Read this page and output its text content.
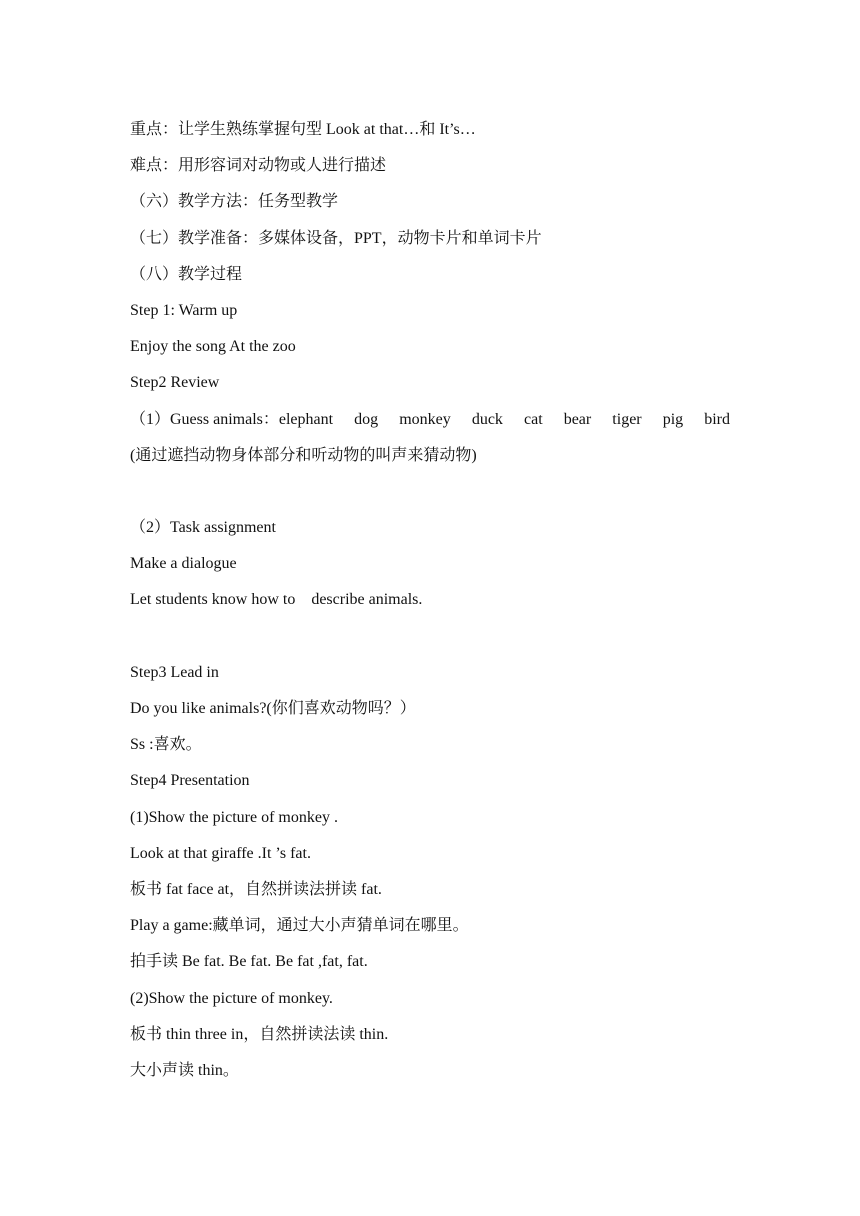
重点：让学生熟练掌握句型 Look at that…和 It’s…
难点：用形容词对动物或人进行描述
（六）教学方法：任务型教学
（七）教学准备：多媒体设备，PPT，动物卡片和单词卡片
（八）教学过程
Step 1: Warm up
Enjoy the song At the zoo
Step2 Review
（1）Guess animals：elephant dog monkey duck cat bear tiger pig bird
(通过遮挡动物身体部分和听动物的叫声来猜动物)
（2）Task assignment
Make a dialogue
Let students know how to    describe animals.
Step3 Lead in
Do you like animals?(你们喜欢动物吗？）
Ss :喜欢。
Step4 Presentation
(1)Show the picture of monkey .
Look at that giraffe .It ’s fat.
板书 fat face at，自然拼读法拼读 fat.
Play a game:藏单词，通过大小声猜单词在哪里。
拍手读 Be fat. Be fat. Be fat ,fat, fat.
(2)Show the picture of monkey.
板书 thin three in，自然拼读法读 thin.
大小声读 thin。
